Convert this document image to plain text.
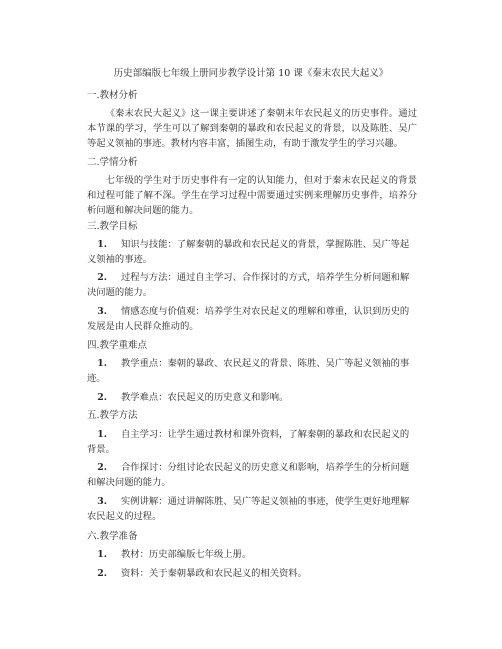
历史部编版七年级上册同步教学设计第 10 课《秦末农民大起义》
一.教材分析

《秦末农民大起义》这一课主要讲述了秦朝末年农民起义的历史事件。通过本节课的学习，学生可以了解到秦朝的暴政和农民起义的背景，以及陈胜、吴广等起义领袖的事迹。教材内容丰富，插图生动，有助于激发学生的学习兴趣。

二.学情分析

七年级的学生对于历史事件有一定的认知能力，但对于秦末农民起义的背景和过程可能了解不深。学生在学习过程中需要通过实例来理解历史事件，培养分析问题和解决问题的能力。

三.教学目标

1. 知识与技能：了解秦朝的暴政和农民起义的背景，掌握陈胜、吴广等起义领袖的事迹。

2. 过程与方法：通过自主学习、合作探讨的方式，培养学生分析问题和解决问题的能力。

3. 情感态度与价值观：培养学生对农民起义的理解和尊重，认识到历史的发展是由人民群众推动的。

四.教学重难点

1. 教学重点：秦朝的暴政、农民起义的背景、陈胜、吴广等起义领袖的事迹。

2. 教学难点：农民起义的历史意义和影响。

五.教学方法

1. 自主学习：让学生通过教材和课外资料，了解秦朝的暴政和农民起义的背景。

2. 合作探讨：分组讨论农民起义的历史意义和影响，培养学生的分析问题和解决问题的能力。

3. 实例讲解：通过讲解陈胜、吴广等起义领袖的事迹，使学生更好地理解农民起义的过程。

六.教学准备

1. 教材：历史部编版七年级上册。

2. 资料：关于秦朝暴政和农民起义的相关资料。
